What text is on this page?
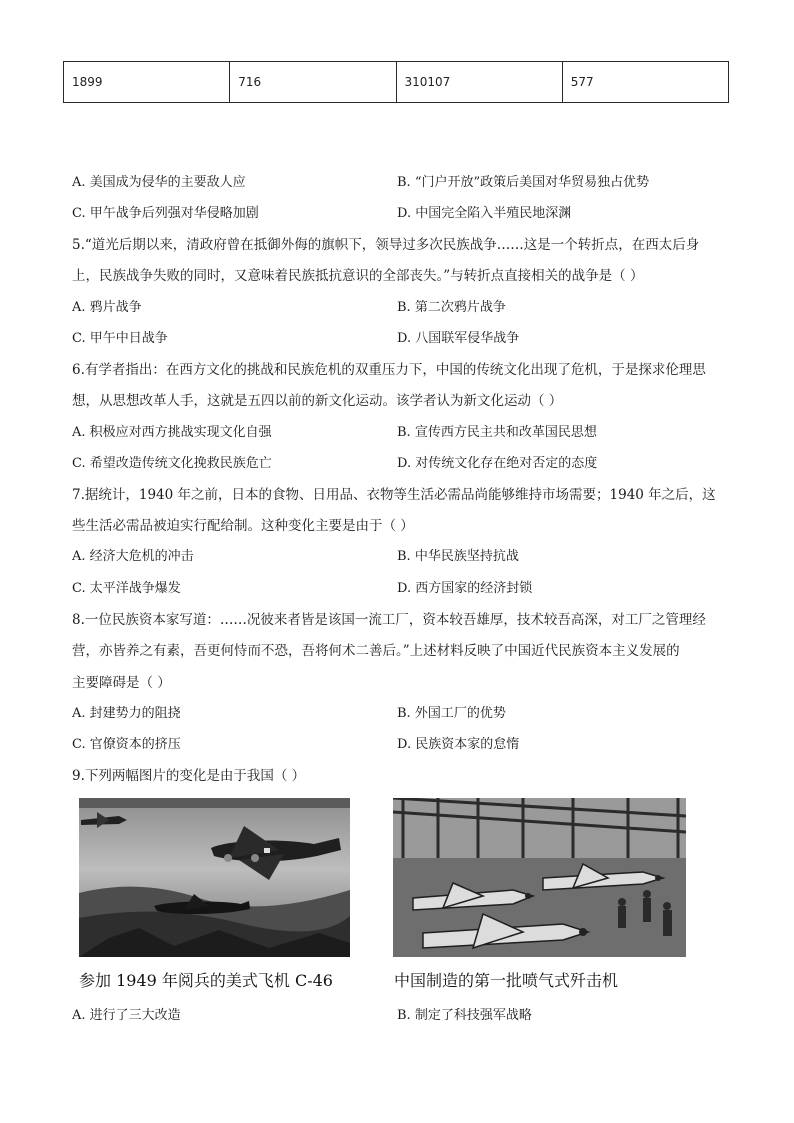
1899	716	310107	577
A. 美国成为侵华的主要敌人应	B. “门户开放”政策后美国对华贸易独占优势
C. 甲午战争后列强对华侵略加剧	D. 中国完全陷入半殖民地深渊
5.“道光后期以来，清政府曾在抵御外侮的旗帜下，领导过多次民族战争……这是一个转折点，在西太后身
上，民族战争失败的同时，又意味着民族抵抗意识的全部丧失。”与转折点直接相关的战争是（ ）
A. 鸦片战争	B. 第二次鸦片战争
C. 甲午中日战争	D. 八国联军侵华战争
6.有学者指出：在西方文化的挑战和民族危机的双重压力下，中国的传统文化出现了危机，于是探求伦理思
想，从思想改革人手，这就是五四以前的新文化运动。该学者认为新文化运动（ ）
A. 积极应对西方挑战实现文化自强	B. 宣传西方民主共和改革国民思想
C. 希望改造传统文化挽救民族危亡	D. 对传统文化存在绝对否定的态度
7.据统计，1940 年之前，日本的食物、日用品、衣物等生活必需品尚能够维持市场需要；1940 年之后，这
些生活必需品被迫实行配给制。这种变化主要是由于（ ）
A. 经济大危机的冲击	B. 中华民族坚持抗战
C. 太平洋战争爆发	D. 西方国家的经济封锁
8.一位民族资本家写道：……况彼来者皆是该国一流工厂，资本较吾雄厚，技术较吾高深，对工厂之管理经
营，亦皆养之有素，吾更何恃而不恐，吾将何术二善后。”上述材料反映了中国近代民族资本主义发展的
主要障碍是（ ）
A. 封建势力的阻挠	B. 外国工厂的优势
C. 官僚资本的挤压	D. 民族资本家的怠惰
9.下列两幅图片的变化是由于我国（ ）
参加 1949 年阅兵的美式飞机 C-46	中国制造的第一批喷气式歼击机
A. 进行了三大改造	B. 制定了科技强军战略
